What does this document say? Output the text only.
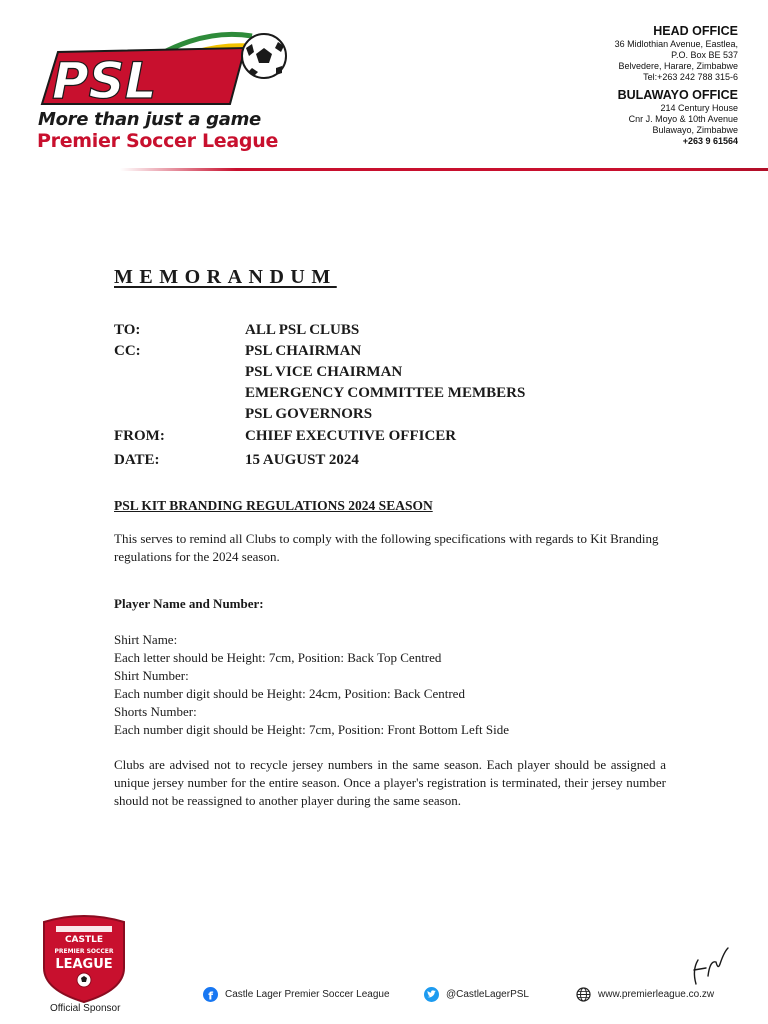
PSL
More than just a game
Premier Soccer League
HEAD OFFICE
36 Midlothian Avenue, Eastlea,
P.O. Box BE 537
Belvedere, Harare, Zimbabwe
Tel:+263 242 788 315-6
BULAWAYO OFFICE
214 Century House
Cnr J. Moyo & 10th Avenue
Bulawayo, Zimbabwe
+263 9 61564
MEMORANDUM
TO:	ALL PSL CLUBS
CC:	PSL CHAIRMAN
PSL VICE CHAIRMAN
EMERGENCY COMMITTEE MEMBERS
PSL GOVERNORS
FROM:	CHIEF EXECUTIVE OFFICER
DATE:	15 AUGUST 2024
PSL KIT BRANDING REGULATIONS 2024 SEASON
This serves to remind all Clubs to comply with the following specifications with regards to Kit Branding regulations for the 2024 season.
Player Name and Number:
Shirt Name:
Each letter should be Height: 7cm, Position: Back Top Centred
Shirt Number:
Each number digit should be Height: 24cm, Position: Back Centred
Shorts Number:
Each number digit should be Height: 7cm, Position: Front Bottom Left Side
Clubs are advised not to recycle jersey numbers in the same season. Each player should be assigned a unique jersey number for the entire season. Once a player's registration is terminated, their jersey number should not be reassigned to another player during the same season.
CASTLE
PREMIER SOCCER
LEAGUE
Official Sponsor
f Castle Lager Premier Soccer League	@CastleLagerPSL	www.premierleague.co.zw
